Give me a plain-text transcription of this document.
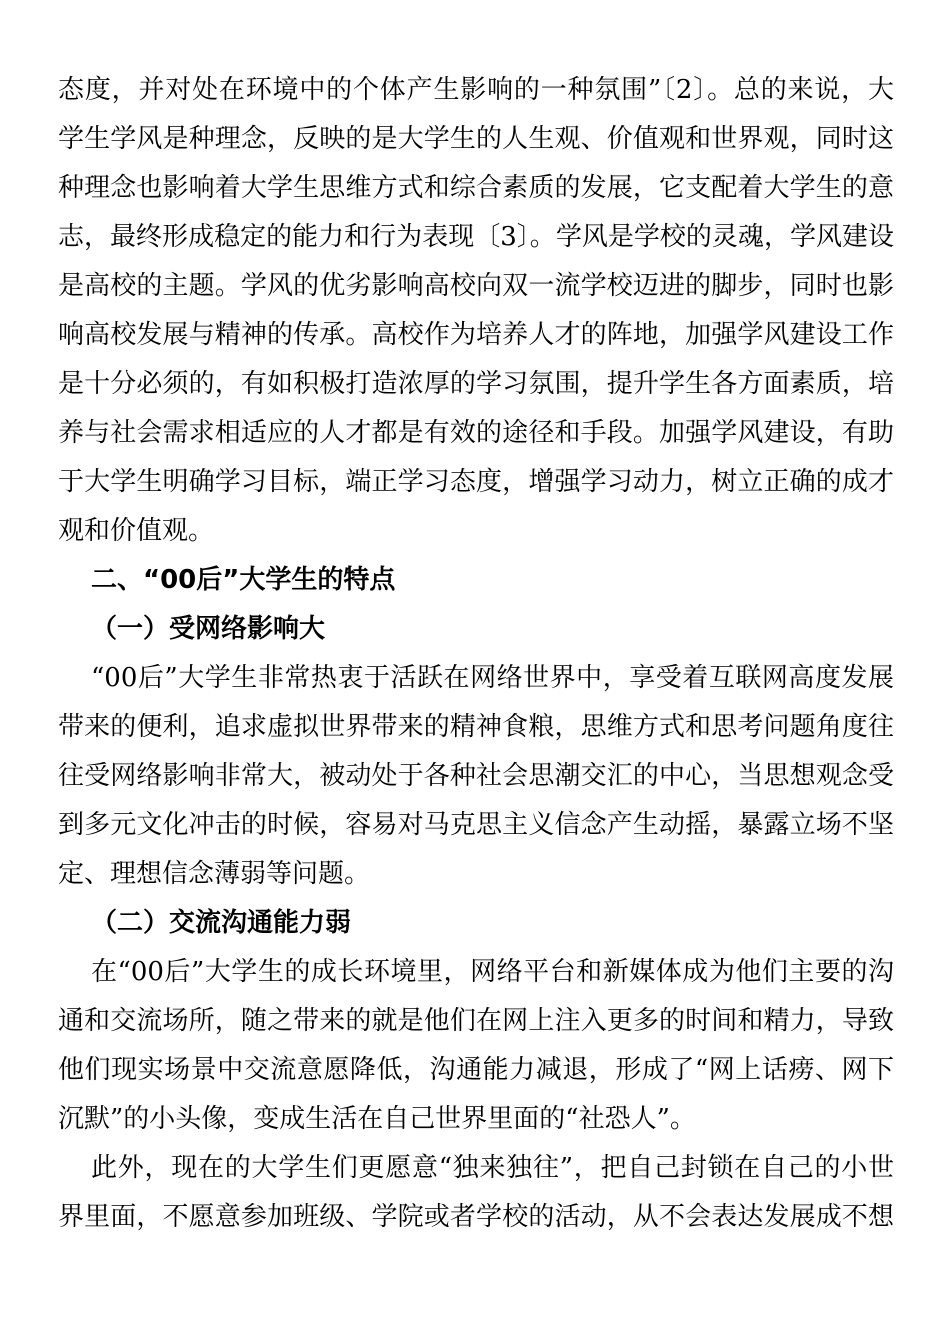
态度，并对处在环境中的个体产生影响的一种氛围”〔2〕。总的来说，大
学生学风是种理念，反映的是大学生的人生观、价值观和世界观，同时这
种理念也影响着大学生思维方式和综合素质的发展，它支配着大学生的意
志，最终形成稳定的能力和行为表现〔3〕。学风是学校的灵魂，学风建设
是高校的主题。学风的优劣影响高校向双一流学校迈进的脚步，同时也影
响高校发展与精神的传承。高校作为培养人才的阵地，加强学风建设工作
是十分必须的，有如积极打造浓厚的学习氛围，提升学生各方面素质，培
养与社会需求相适应的人才都是有效的途径和手段。加强学风建设，有助
于大学生明确学习目标，端正学习态度，增强学习动力，树立正确的成才
观和价值观。
二、“00后”大学生的特点
（一）受网络影响大
“00后”大学生非常热衷于活跃在网络世界中，享受着互联网高度发展
带来的便利，追求虚拟世界带来的精神食粮，思维方式和思考问题角度往
往受网络影响非常大，被动处于各种社会思潮交汇的中心，当思想观念受
到多元文化冲击的时候，容易对马克思主义信念产生动摇，暴露立场不坚
定、理想信念薄弱等问题。
（二）交流沟通能力弱
在“00后”大学生的成长环境里，网络平台和新媒体成为他们主要的沟
通和交流场所，随之带来的就是他们在网上注入更多的时间和精力，导致
他们现实场景中交流意愿降低，沟通能力减退，形成了“网上话痨、网下
沉默”的小头像，变成生活在自己世界里面的“社恐人”。
此外，现在的大学生们更愿意“独来独往”，把自己封锁在自己的小世
界里面，不愿意参加班级、学院或者学校的活动，从不会表达发展成不想
